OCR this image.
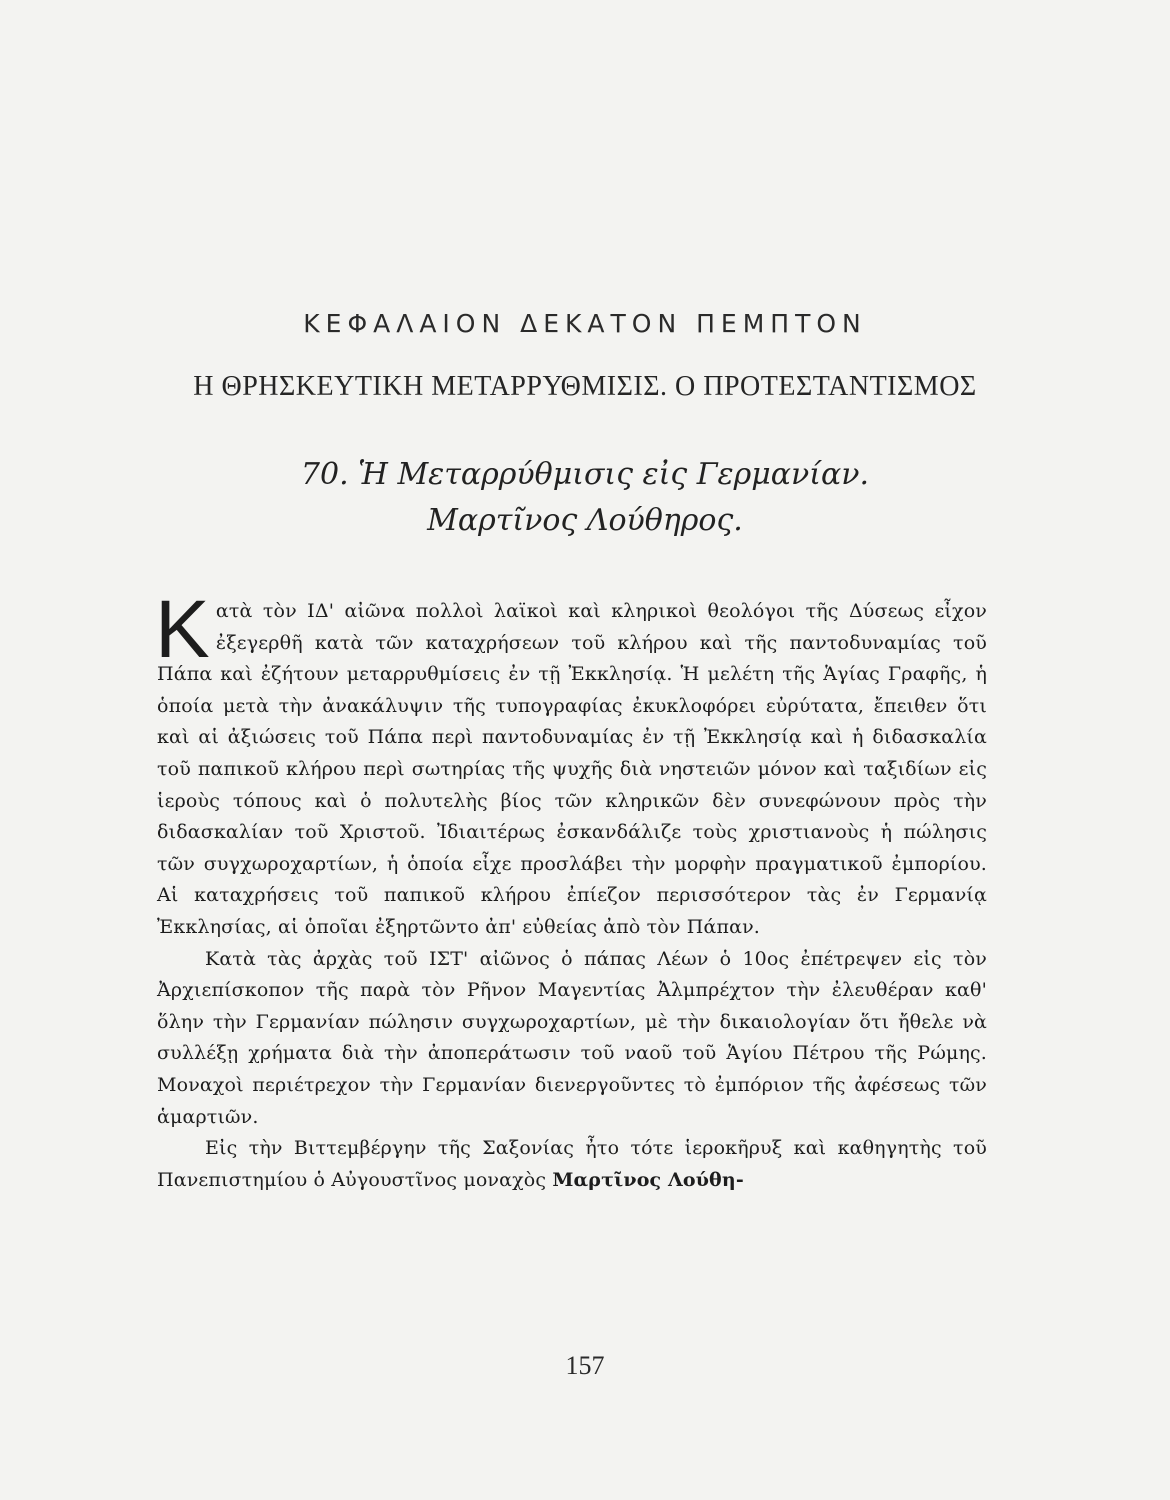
ΚΕΦΑΛΑΙΟΝ ΔΕΚΑΤΟΝ ΠΕΜΠΤΟΝ
Η ΘΡΗΣΚΕΥΤΙΚΗ ΜΕΤΑΡΡΥΘΜΙΣΙΣ. Ο ΠΡΟΤΕΣΤΑΝΤΙΣΜΟΣ
70. Ἡ Μεταρρύθμισις εἰς Γερμανίαν.
Μαρτῖνος Λούθηρος.

Κατὰ τὸν ΙΔ' αἰῶνα πολλοὶ λαϊκοὶ καὶ κληρικοὶ θεολόγοι τῆς Δύσεως εἶχον ἐξεγερθῆ κατὰ τῶν καταχρήσεων τοῦ κλήρου καὶ τῆς παντοδυναμίας τοῦ Πάπα καὶ ἐζήτουν μεταρρυθμίσεις ἐν τῇ Ἐκκλησίᾳ. Ἡ μελέτη τῆς Ἁγίας Γραφῆς, ἡ ὁποία μετὰ τὴν ἀνακάλυψιν τῆς τυπογραφίας ἐκυκλοφόρει εὐρύτατα, ἔπειθεν ὅτι καὶ αἱ ἀξιώσεις τοῦ Πάπα περὶ παντοδυναμίας ἐν τῇ Ἐκκλησίᾳ καὶ ἡ διδασκαλία τοῦ παπικοῦ κλήρου περὶ σωτηρίας τῆς ψυχῆς διὰ νηστειῶν μόνον καὶ ταξιδίων εἰς ἱεροὺς τόπους καὶ ὁ πολυτελὴς βίος τῶν κληρικῶν δὲν συνεφώνουν πρὸς τὴν διδασκαλίαν τοῦ Χριστοῦ. Ἰδιαιτέρως ἐσκανδάλιζε τοὺς χριστιανοὺς ἡ πώλησις τῶν συγχωροχαρτίων, ἡ ὁποία εἶχε προσλάβει τὴν μορφὴν πραγματικοῦ ἐμπορίου. Αἱ καταχρήσεις τοῦ παπικοῦ κλήρου ἐπίεζον περισσότερον τὰς ἐν Γερμανίᾳ Ἐκκλησίας, αἱ ὁποῖαι ἐξηρτῶντο ἀπ' εὐθείας ἀπὸ τὸν Πάπαν.

Κατὰ τὰς ἀρχὰς τοῦ ΙΣΤ' αἰῶνος ὁ πάπας Λέων ὁ 10ος ἐπέτρεψεν εἰς τὸν Ἀρχιεπίσκοπον τῆς παρὰ τὸν Ρῆνον Μαγεντίας Ἀλμπρέχτον τὴν ἐλευθέραν καθ' ὅλην τὴν Γερμανίαν πώλησιν συγχωροχαρτίων, μὲ τὴν δικαιολογίαν ὅτι ἤθελε νὰ συλλέξῃ χρήματα διὰ τὴν ἀποπεράτωσιν τοῦ ναοῦ τοῦ Ἁγίου Πέτρου τῆς Ρώμης. Μοναχοὶ περιέτρεχον τὴν Γερμανίαν διενεργοῦντες τὸ ἐμπόριον τῆς ἀφέσεως τῶν ἁμαρτιῶν.

Εἰς τὴν Βιττεμβέργην τῆς Σαξονίας ἦτο τότε ἱεροκῆρυξ καὶ καθηγητὴς τοῦ Πανεπιστημίου ὁ Αὐγουστῖνος μοναχὸς Μαρτῖνος Λούθη-

157
